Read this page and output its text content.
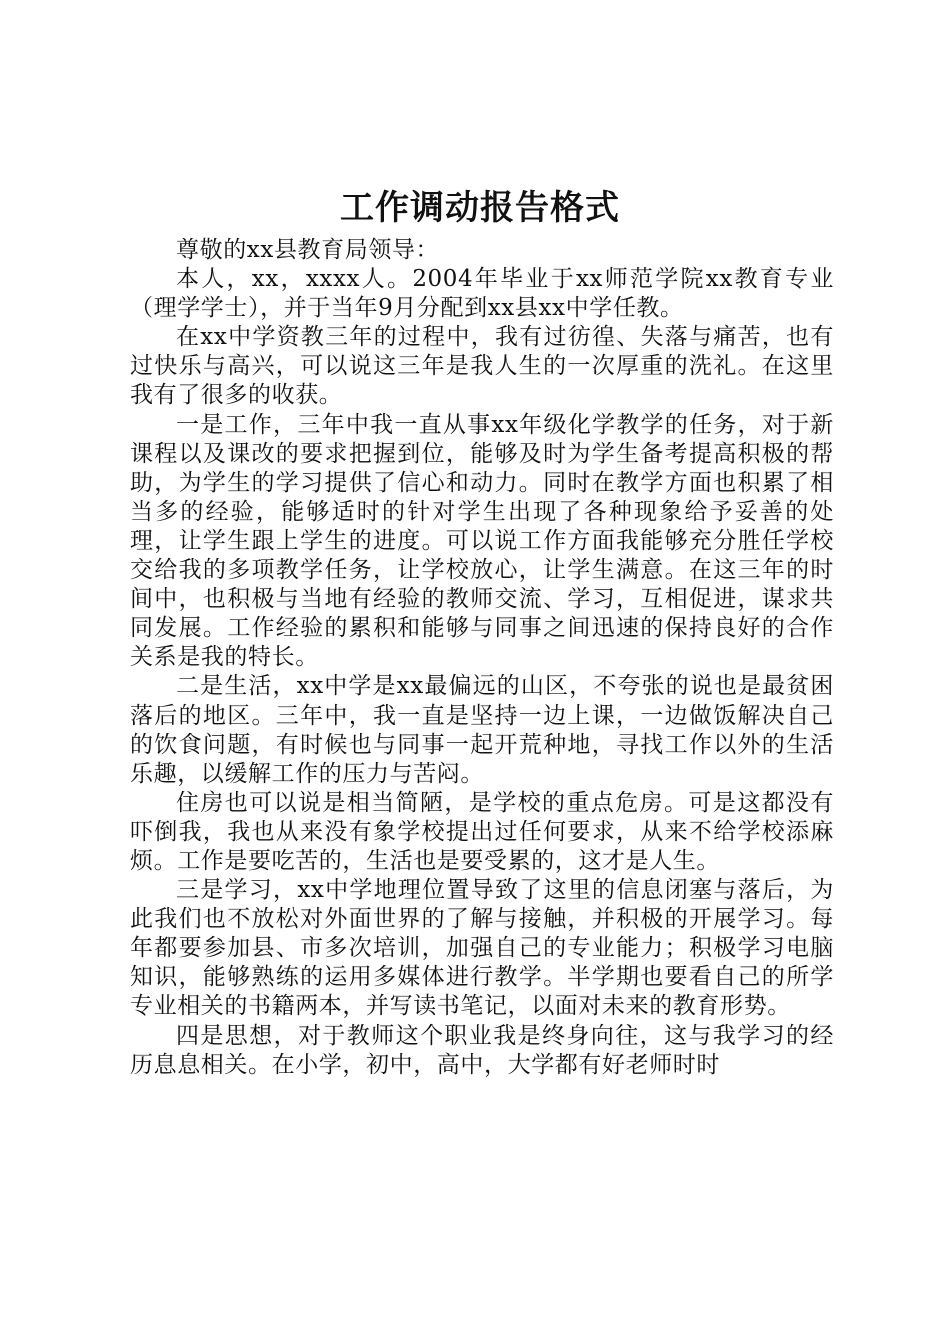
工作调动报告格式

尊敬的xx县教育局领导：

本人，xx，xxxx人。2004年毕业于xx师范学院xx教育专业（理学学士），并于当年9月分配到xx县xx中学任教。

在xx中学资教三年的过程中，我有过彷徨、失落与痛苦，也有过快乐与高兴，可以说这三年是我人生的一次厚重的洗礼。在这里我有了很多的收获。

一是工作，三年中我一直从事xx年级化学教学的任务，对于新课程以及课改的要求把握到位，能够及时为学生备考提高积极的帮助，为学生的学习提供了信心和动力。同时在教学方面也积累了相当多的经验，能够适时的针对学生出现了各种现象给予妥善的处理，让学生跟上学生的进度。可以说工作方面我能够充分胜任学校交给我的多项教学任务，让学校放心，让学生满意。在这三年的时间中，也积极与当地有经验的教师交流、学习，互相促进，谋求共同发展。工作经验的累积和能够与同事之间迅速的保持良好的合作关系是我的特长。

二是生活，xx中学是xx最偏远的山区，不夸张的说也是最贫困落后的地区。三年中，我一直是坚持一边上课，一边做饭解决自己的饮食问题，有时候也与同事一起开荒种地，寻找工作以外的生活乐趣，以缓解工作的压力与苦闷。

住房也可以说是相当简陋，是学校的重点危房。可是这都没有吓倒我，我也从来没有象学校提出过任何要求，从来不给学校添麻烦。工作是要吃苦的，生活也是要受累的，这才是人生。

三是学习，xx中学地理位置导致了这里的信息闭塞与落后，为此我们也不放松对外面世界的了解与接触，并积极的开展学习。每年都要参加县、市多次培训，加强自己的专业能力；积极学习电脑知识，能够熟练的运用多媒体进行教学。半学期也要看自己的所学专业相关的书籍两本，并写读书笔记，以面对未来的教育形势。

四是思想，对于教师这个职业我是终身向往，这与我学习的经历息息相关。在小学，初中，高中，大学都有好老师时时
